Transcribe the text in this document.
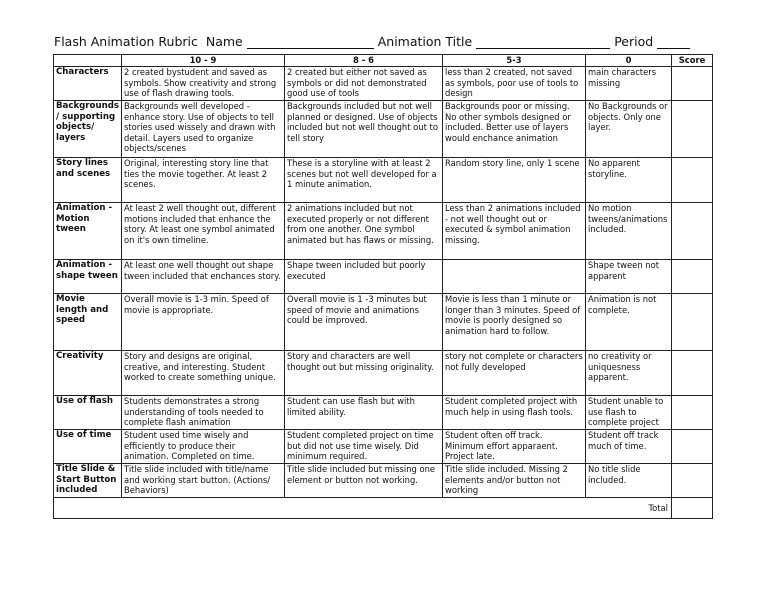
Flash Animation Rubric Name	Animation Title	Period
	10 - 9	8 - 6	5-3	0	Score
Characters	2 created bystudent and saved as symbols. Show creativity and strong use of flash drawing tools.	2 created but either not saved as symbols or did not demonstrated good use of tools	less than 2 created, not saved as symbols, poor use of tools to design	main characters missing	
Backgrounds/ supporting objects/ layers	Backgrounds well developed - enhance story. Use of objects to tell stories used wissely and drawn with detail. Layers used to organize objects/scenes	Backgrounds included but not well planned or designed. Use of objects included but not well thought out to tell story	Backgrounds poor or missing. No other symbols designed or included. Better use of layers would enchance animation	No Backgrounds or objects. Only one layer.	
Story lines and scenes	Original, interesting story line that ties the movie together. At least 2 scenes.	These is a storyline with at least 2 scenes but not well developed for a 1 minute animation.	Random story line, only 1 scene	No apparent storyline.	
Animation - Motion tween	At least 2 well thought out, different motions included that enhance the story. At least one symbol animated on it's own timeline.	2 animations included but not executed properly or not different from one another. One symbol animated but has flaws or missing.	Less than 2 animations included - not well thought out or executed & symbol animation missing.	No motion tweens/animations included.	
Animation - shape tween	At least one well thought out shape tween included that enchances story.	Shape tween included but poorly executed		Shape tween not apparent	
Movie length and speed	Overall movie is 1-3 min. Speed of movie is appropriate.	Overall movie is 1 -3 minutes but speed of movie and animations could be improved.	Movie is less than 1 minute or longer than 3 minutes. Speed of movie is poorly designed so animation hard to follow.	Animation is not complete.	
Creativity	Story and designs are original, creative, and interesting. Student worked to create something unique.	Story and characters are well thought out but missing originality.	story not complete or characters not fully developed	no creativity or uniquesness apparent.	
Use of flash	Students demonstrates a strong understanding of tools needed to complete flash animation	Student can use flash but with limited ability.	Student completed project with much help in using flash tools.	Student unable to use flash to complete project	
Use of time	Student used time wisely and efficiently to produce their animation. Completed on time.	Student completed project on time but did not use time wisely. Did minimum required.	Student often off track. Minimum effort apparaent. Project late.	Student off track much of time.	
Title Slide & Start Button included	Title slide included with title/name and working start button. (Actions/ Behaviors)	Title slide included but missing one element or button not working.	Title slide included. Missing 2 elements and/or button not working	No title slide included.	
Total					
